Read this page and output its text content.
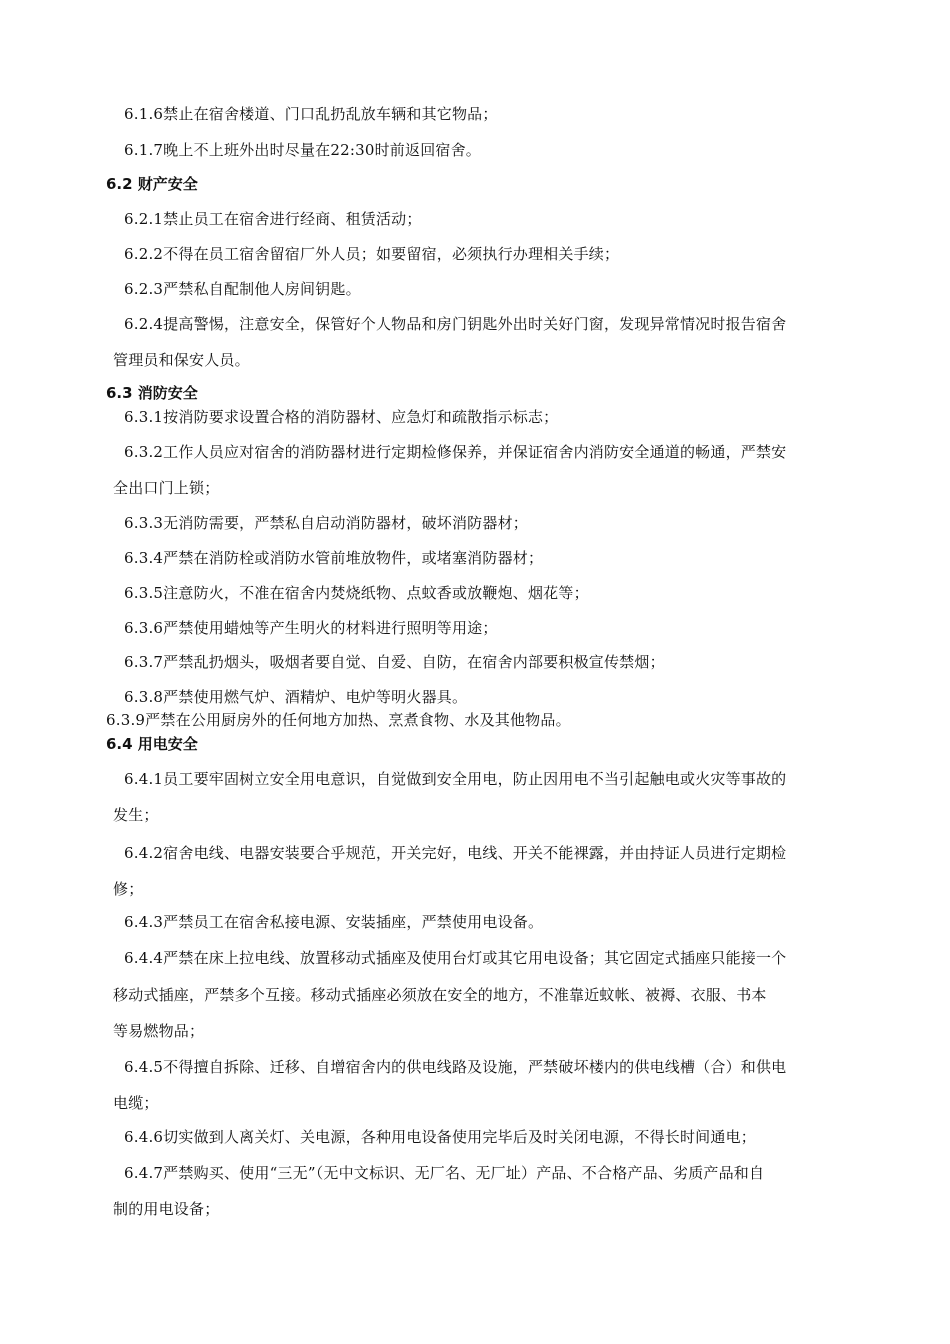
6.1.6禁止在宿舍楼道、门口乱扔乱放车辆和其它物品；
6.1.7晚上不上班外出时尽量在22:30时前返回宿舍。
6.2 财产安全
6.2.1禁止员工在宿舍进行经商、租赁活动；
6.2.2不得在员工宿舍留宿厂外人员；如要留宿，必须执行办理相关手续；
6.2.3严禁私自配制他人房间钥匙。
6.2.4提高警惕，注意安全，保管好个人物品和房门钥匙外出时关好门窗，发现异常情况时报告宿舍
管理员和保安人员。
6.3 消防安全
6.3.1按消防要求设置合格的消防器材、应急灯和疏散指示标志；
6.3.2工作人员应对宿舍的消防器材进行定期检修保养，并保证宿舍内消防安全通道的畅通，严禁安
全出口门上锁；
6.3.3无消防需要，严禁私自启动消防器材，破坏消防器材；
6.3.4严禁在消防栓或消防水管前堆放物件，或堵塞消防器材；
6.3.5注意防火，不准在宿舍内焚烧纸物、点蚊香或放鞭炮、烟花等；
6.3.6严禁使用蜡烛等产生明火的材料进行照明等用途；
6.3.7严禁乱扔烟头，吸烟者要自觉、自爱、自防，在宿舍内部要积极宣传禁烟；
6.3.8严禁使用燃气炉、酒精炉、电炉等明火器具。
6.3.9严禁在公用厨房外的任何地方加热、烹煮食物、水及其他物品。
6.4 用电安全
6.4.1员工要牢固树立安全用电意识，自觉做到安全用电，防止因用电不当引起触电或火灾等事故的
发生；
6.4.2宿舍电线、电器安装要合乎规范，开关完好，电线、开关不能裸露，并由持证人员进行定期检
修；
6.4.3严禁员工在宿舍私接电源、安装插座，严禁使用电设备。
6.4.4严禁在床上拉电线、放置移动式插座及使用台灯或其它用电设备；其它固定式插座只能接一个
移动式插座，严禁多个互接。移动式插座必须放在安全的地方，不准靠近蚊帐、被褥、衣服、书本
等易燃物品；
6.4.5不得擅自拆除、迁移、自增宿舍内的供电线路及设施，严禁破坏楼内的供电线槽（合）和供电
电缆；
6.4.6切实做到人离关灯、关电源，各种用电设备使用完毕后及时关闭电源，不得长时间通电；
6.4.7严禁购买、使用“三无”（无中文标识、无厂名、无厂址）产品、不合格产品、劣质产品和自
制的用电设备；
